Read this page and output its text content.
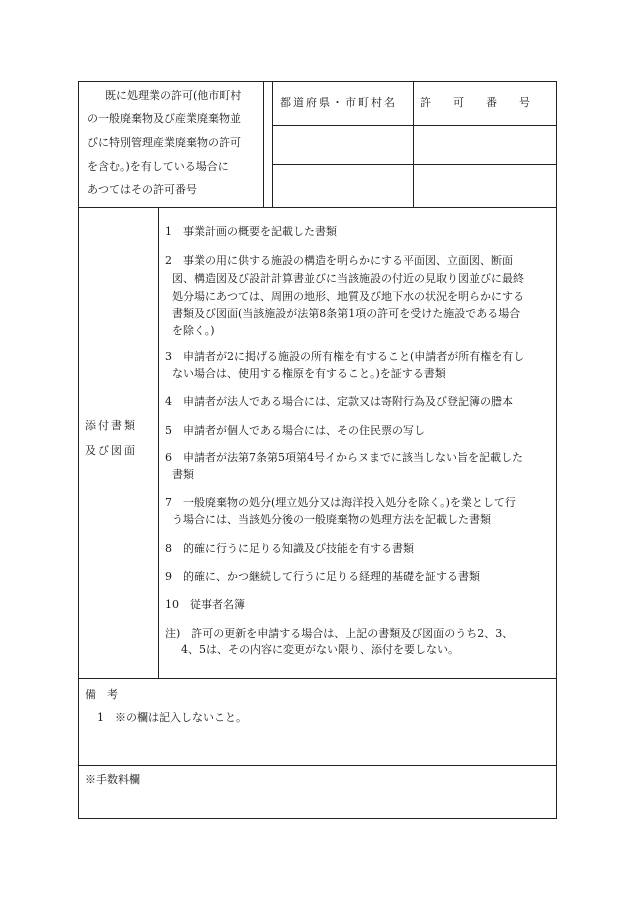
既に処理業の許可(他市町村
の一般廃棄物及び産業廃棄物並
びに特別管理産業廃棄物の許可
を含む。)を有している場合に
あつてはその許可番号
都道府県・市町村名 許　　可　　番　　号
添付書類
及び図面
1　事業計画の概要を記載した書類
2　事業の用に供する施設の構造を明らかにする平面図、立面図、断面
図、構造図及び設計計算書並びに当該施設の付近の見取り図並びに最終
処分場にあつては、周囲の地形、地質及び地下水の状況を明らかにする
書類及び図面(当該施設が法第8条第1項の許可を受けた施設である場合
を除く。)
3　申請者が2に掲げる施設の所有権を有すること(申請者が所有権を有し
ない場合は、使用する権原を有すること。)を証する書類
4　申請者が法人である場合には、定款又は寄附行為及び登記簿の謄本
5　申請者が個人である場合には、その住民票の写し
6　申請者が法第7条第5項第4号イからヌまでに該当しない旨を記載した
書類
7　一般廃棄物の処分(埋立処分又は海洋投入処分を除く。)を業として行
う場合には、当該処分後の一般廃棄物の処理方法を記載した書類
8　的確に行うに足りる知識及び技能を有する書類
9　的確に、かつ継続して行うに足りる経理的基礎を証する書類
10　従事者名簿
注)　許可の更新を申請する場合は、上記の書類及び図面のうち2、3、
4、5は、その内容に変更がない限り、添付を要しない。
備　考
1　※の欄は記入しないこと。
※手数料欄
